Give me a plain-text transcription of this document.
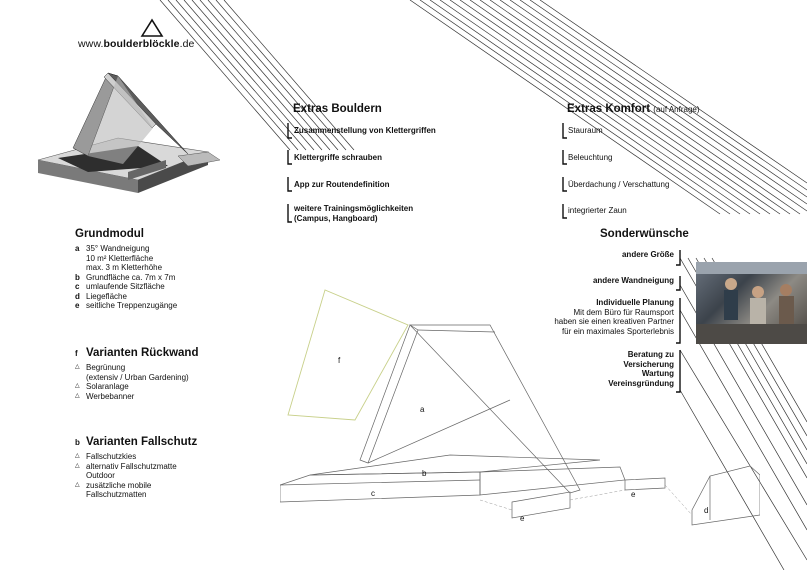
f
a
b
c
d
e
e
www.boulderblöckle.de
Extras Bouldern
Zusammenstellung von Klettergriffen
Klettergriffe schrauben
App zur Routendefinition
weitere Trainingsmöglichkeiten
(Campus, Hangboard)
Extras Komfort (auf Anfrage)
Stauraum
Beleuchtung
Überdachung / Verschattung
integrierter Zaun
Grundmodul
a 35° Wandneigung
10 m² Kletterfläche
max. 3 m Kletterhöhe
b Grundfläche ca. 7m x 7m
c umlaufende Sitzfläche
d Liegefläche
e seitliche Treppenzugänge
f Varianten Rückwand
△ Begrünung
(extensiv / Urban Gardening)
△ Solaranlage
△ Werbebanner
b Varianten Fallschutz
△ Fallschutzkies
△ alternativ Fallschutzmatte
Outdoor
△ zusätzliche mobile
Fallschutzmatten
Sonderwünsche
andere Größe
andere Wandneigung
Individuelle Planung
Mit dem Büro für Raumsport
haben sie einen kreativen Partner
für ein maximales Sporterlebnis
Beratung zu
Versicherung
Wartung
Vereinsgründung
